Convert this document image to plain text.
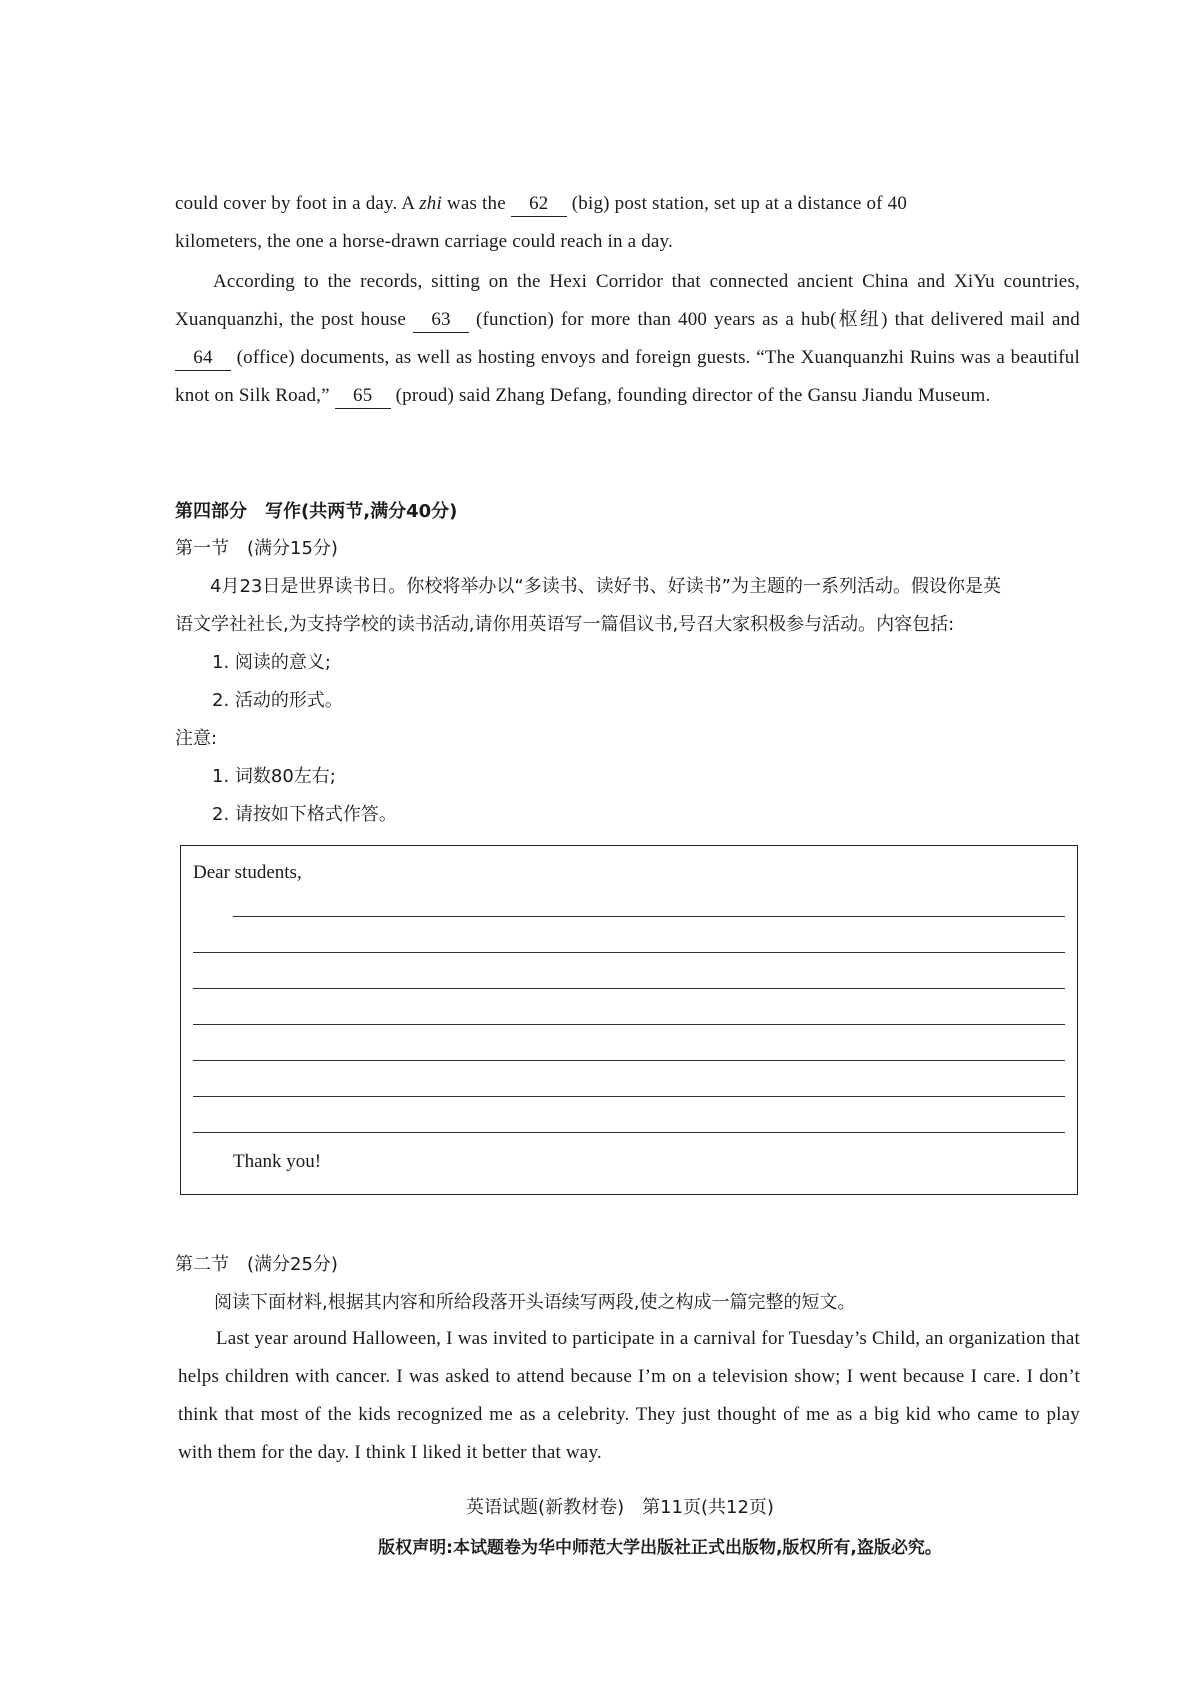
could cover by foot in a day. A zhi was the 62 (big) post station, set up at a distance of 40
kilometers, the one a horse-drawn carriage could reach in a day.
According to the records, sitting on the Hexi Corridor that connected ancient China and XiYu countries, Xuanquanzhi, the post house 63 (function) for more than 400 years as a hub(枢纽) that delivered mail and 64 (office) documents, as well as hosting envoys and foreign guests. “The Xuanquanzhi Ruins was a beautiful knot on Silk Road,” 65 (proud) said Zhang Defang, founding director of the Gansu Jiandu Museum.
第四部分　写作(共两节,满分40分)
第一节　(满分15分)
4月23日是世界读书日。你校将举办以“多读书、读好书、好读书”为主题的一系列活动。假设你是英
语文学社社长,为支持学校的读书活动,请你用英语写一篇倡议书,号召大家积极参与活动。内容包括:
1. 阅读的意义;
2. 活动的形式。
注意:
1. 词数80左右;
2. 请按如下格式作答。
Dear students,
Thank you!
第二节　(满分25分)
阅读下面材料,根据其内容和所给段落开头语续写两段,使之构成一篇完整的短文。
Last year around Halloween, I was invited to participate in a carnival for Tuesday’s Child, an organization that helps children with cancer. I was asked to attend because I’m on a television show; I went because I care. I don’t think that most of the kids recognized me as a celebrity. They just thought of me as a big kid who came to play with them for the day. I think I liked it better that way.
英语试题(新教材卷)　第11页(共12页)
版权声明:本试题卷为华中师范大学出版社正式出版物,版权所有,盗版必究。
